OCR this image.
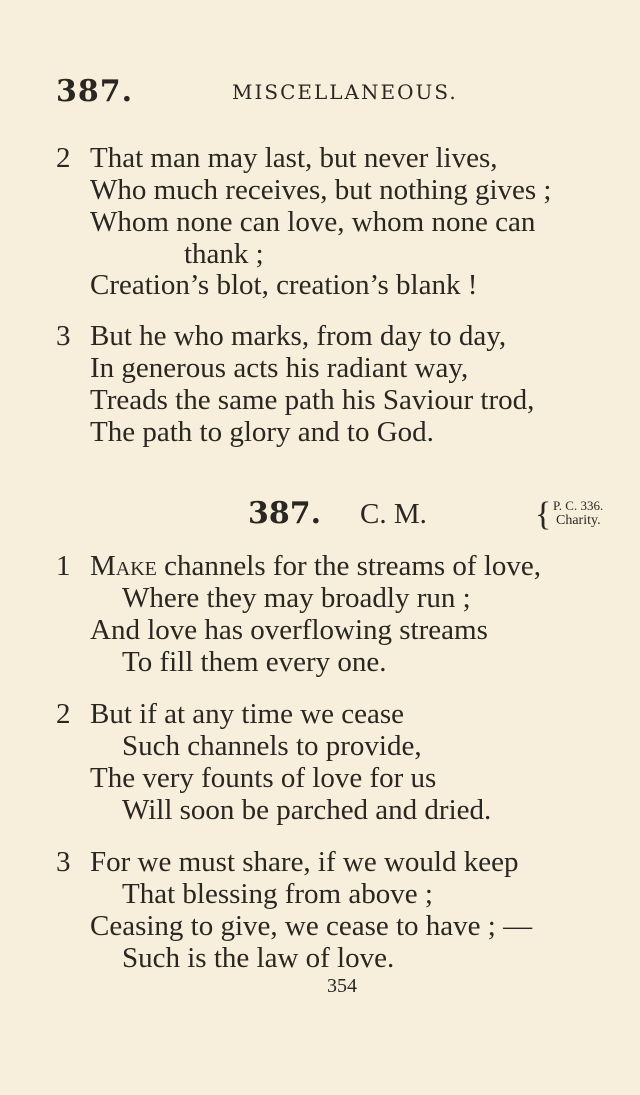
387.	MISCELLANEOUS.
2 That man may last, but never lives,
Who much receives, but nothing gives ;
Whom none can love, whom none can
thank ;
Creation’s blot, creation’s blank !
3 But he who marks, from day to day,
In generous acts his radiant way,
Treads the same path his Saviour trod,
The path to glory and to God.
387. C. M.	{ P. C. 336.
Charity.
1 Make channels for the streams of love,
Where they may broadly run ;
And love has overflowing streams
To fill them every one.
2 But if at any time we cease
Such channels to provide,
The very founts of love for us
Will soon be parched and dried.
3 For we must share, if we would keep
That blessing from above ;
Ceasing to give, we cease to have ; —
Such is the law of love.
354
